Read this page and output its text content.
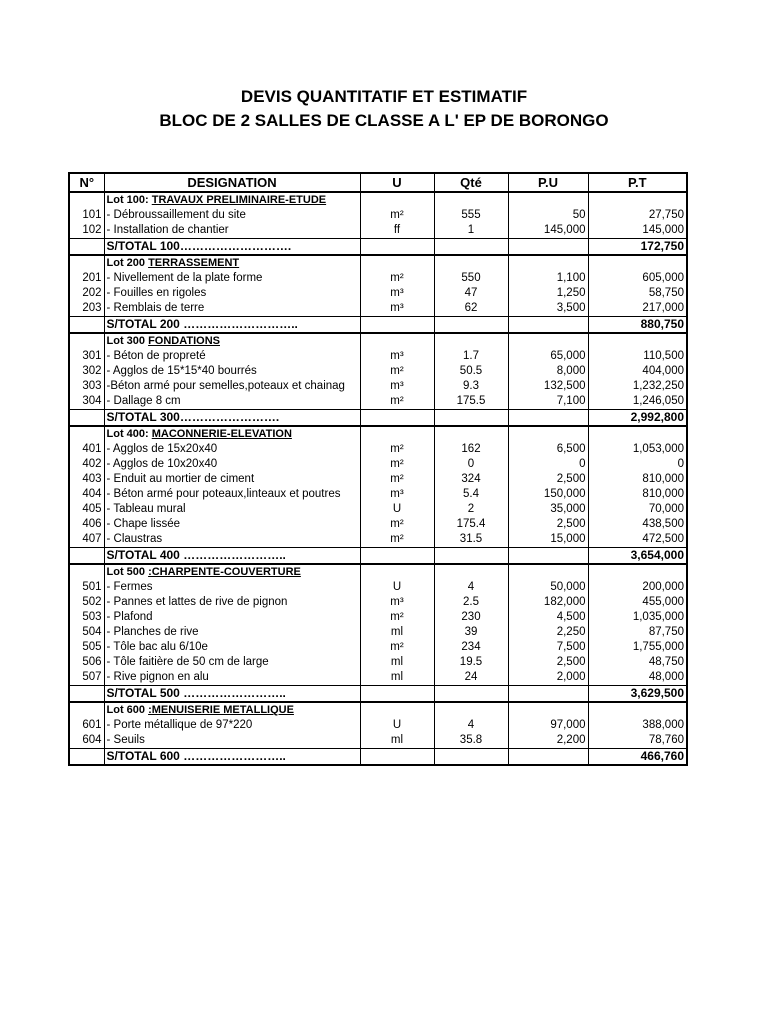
DEVIS QUANTITATIF ET ESTIMATIF
BLOC DE 2 SALLES DE CLASSE A L' EP DE BORONGO
N°	DESIGNATION	U	Qté	P.U	P.T
	Lot 100: TRAVAUX PRELIMINAIRE-ETUDE				
101	- Débroussaillement du site	m²	555	50	27,750
102	- Installation de chantier	ff	1	145,000	145,000
	S/TOTAL 100……………………….				172,750
	Lot 200 TERRASSEMENT				
201	- Nivellement de la plate forme	m²	550	1,100	605,000
202	- Fouilles en rigoles	m³	47	1,250	58,750
203	- Remblais de terre	m³	62	3,500	217,000
	S/TOTAL 200 ………………………..				880,750
	Lot 300 FONDATIONS				
301	- Béton de propreté	m³	1.7	65,000	110,500
302	- Agglos de 15*15*40 bourrés	m²	50.5	8,000	404,000
303	-Béton armé pour semelles,poteaux et chainag	m³	9.3	132,500	1,232,250
304	- Dallage 8 cm	m²	175.5	7,100	1,246,050
	S/TOTAL 300…………………….				2,992,800
	Lot 400: MACONNERIE-ELEVATION				
401	- Agglos de 15x20x40	m²	162	6,500	1,053,000
402	- Agglos de 10x20x40	m²	0	0	0
403	- Enduit au mortier de ciment	m²	324	2,500	810,000
404	- Béton armé pour poteaux,linteaux et poutres	m³	5.4	150,000	810,000
405	- Tableau mural	U	2	35,000	70,000
406	- Chape lissée	m²	175.4	2,500	438,500
407	- Claustras	m²	31.5	15,000	472,500
	S/TOTAL 400 ……………………..				3,654,000
	Lot 500 :CHARPENTE-COUVERTURE				
501	- Fermes	U	4	50,000	200,000
502	- Pannes et lattes de rive de pignon	m³	2.5	182,000	455,000
503	- Plafond	m²	230	4,500	1,035,000
504	- Planches de rive	ml	39	2,250	87,750
505	- Tôle bac alu 6/10e	m²	234	7,500	1,755,000
506	- Tôle faitière de 50 cm de large	ml	19.5	2,500	48,750
507	- Rive pignon en alu	ml	24	2,000	48,000
	S/TOTAL 500 ……………………..				3,629,500
	Lot 600 :MENUISERIE METALLIQUE				
601	- Porte métallique de 97*220	U	4	97,000	388,000
604	- Seuils	ml	35.8	2,200	78,760
	S/TOTAL 600 ……………………..				466,760
